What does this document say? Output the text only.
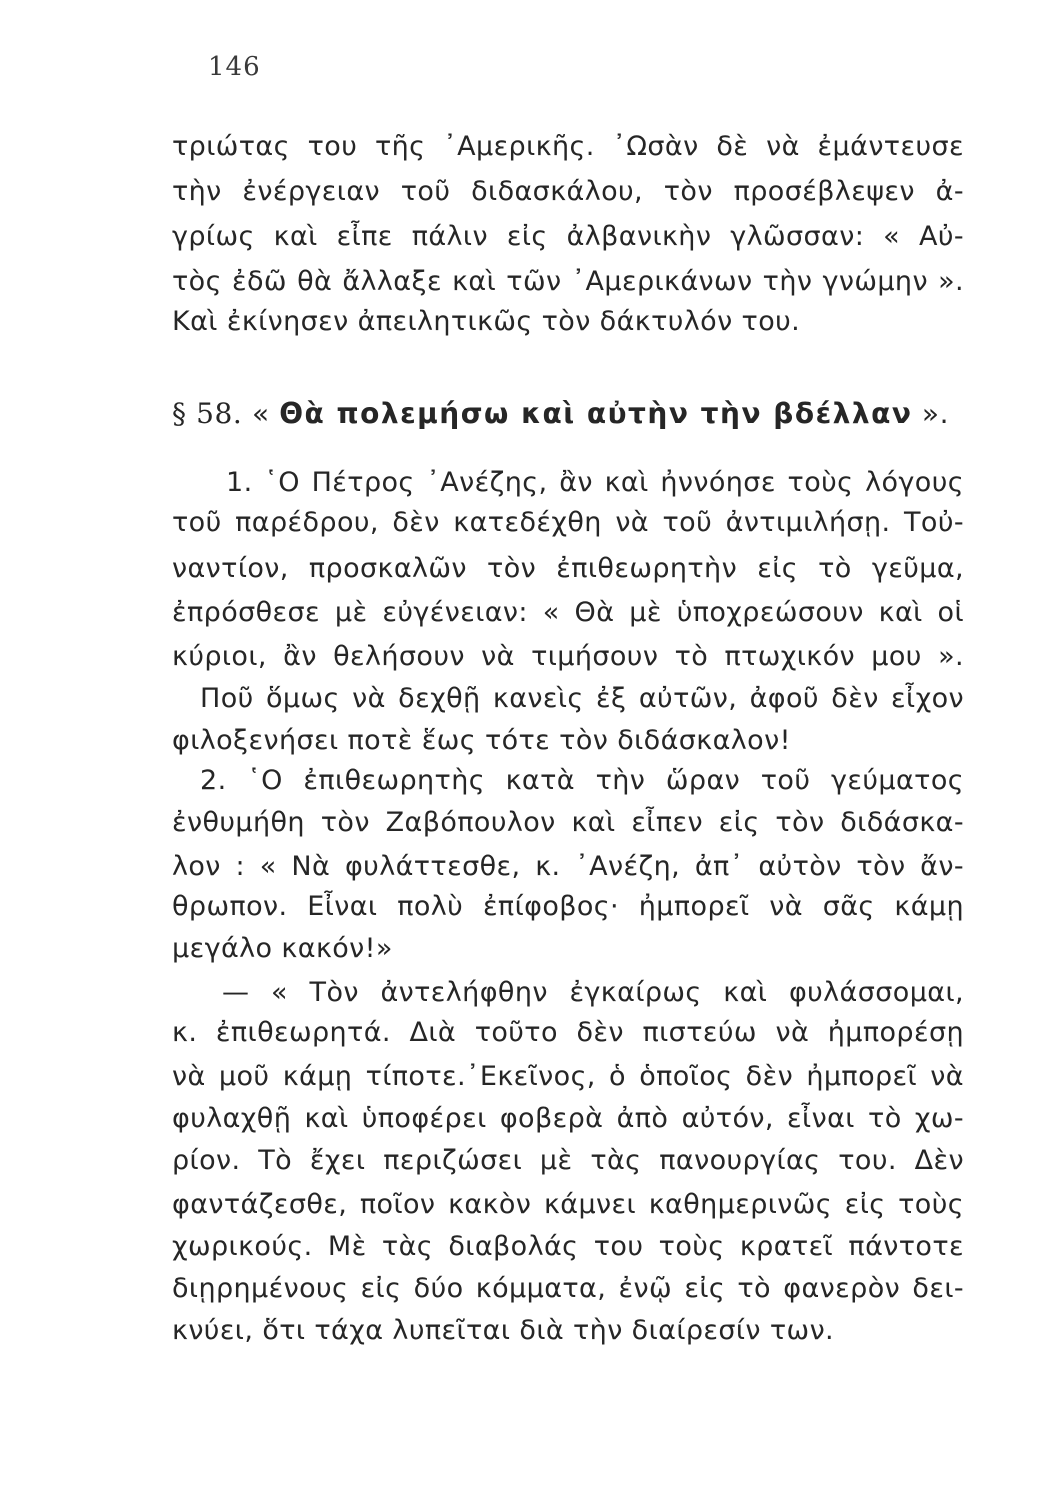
146
τριώτας του τῆς ᾿Αμερικῆς. ᾿Ωσὰν δὲ νὰ ἐμάντευσε
τὴν ἐνέργειαν τοῦ διδασκάλου, τὸν προσέβλεψεν ἀ-
γρίως καὶ εἶπε πάλιν εἰς ἀλβανικὴν γλῶσσαν: « Αὐ-
τὸς ἐδῶ θὰ ἄλλαξε καὶ τῶν ᾿Αμερικάνων τὴν γνώμην ».
Καὶ ἐκίνησεν ἀπειλητικῶς τὸν δάκτυλόν του.
§ 58. « Θὰ πολεμήσω καὶ αὐτὴν τὴν βδέλλαν ».
1. ῾Ο Πέτρος ᾿Ανέζης, ἂν καὶ ἠννόησε τοὺς λόγους
τοῦ παρέδρου, δὲν κατεδέχθη νὰ τοῦ ἀντιμιλήσῃ. Τοὐ-
ναντίον, προσκαλῶν τὸν ἐπιθεωρητὴν εἰς τὸ γεῦμα,
ἐπρόσθεσε μὲ εὐγένειαν: « Θὰ μὲ ὑποχρεώσουν καὶ οἱ
κύριοι, ἂν θελήσουν νὰ τιμήσουν τὸ πτωχικόν μου ».
Ποῦ ὅμως νὰ δεχθῇ κανεὶς ἐξ αὐτῶν, ἀφοῦ δὲν εἶχον
φιλοξενήσει ποτὲ ἕως τότε τὸν διδάσκαλον!
2. ῾Ο ἐπιθεωρητὴς κατὰ τὴν ὥραν τοῦ γεύματος
ἐνθυμήθη τὸν Ζαβόπουλον καὶ εἶπεν εἰς τὸν διδάσκα-
λον : « Νὰ φυλάττεσθε, κ. ᾿Ανέζη, ἀπ᾿ αὐτὸν τὸν ἄν-
θρωπον. Εἶναι πολὺ ἐπίφοβος· ἠμπορεῖ νὰ σᾶς κάμῃ
μεγάλο κακόν!»
— « Τὸν ἀντελήφθην ἐγκαίρως καὶ φυλάσσομαι,
κ. ἐπιθεωρητά. Διὰ τοῦτο δὲν πιστεύω νὰ ἠμπορέσῃ
νὰ μοῦ κάμῃ τίποτε.᾿Εκεῖνος, ὁ ὁποῖος δὲν ἠμπορεῖ νὰ
φυλαχθῇ καὶ ὑποφέρει φοβερὰ ἀπὸ αὐτόν, εἶναι τὸ χω-
ρίον. Τὸ ἔχει περιζώσει μὲ τὰς πανουργίας του. Δὲν
φαντάζεσθε, ποῖον κακὸν κάμνει καθημερινῶς εἰς τοὺς
χωρικούς. Μὲ τὰς διαβολάς του τοὺς κρατεῖ πάντοτε
διῃρημένους εἰς δύο κόμματα, ἐνῷ εἰς τὸ φανερὸν δει-
κνύει, ὅτι τάχα λυπεῖται διὰ τὴν διαίρεσίν των.
